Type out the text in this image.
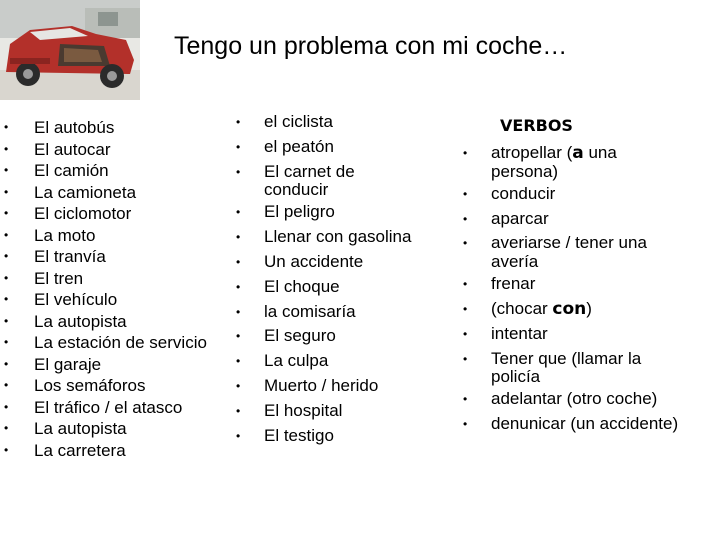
Tengo un problema con mi coche…
• El autobús
• El autocar
• El camión
• La camioneta
• El ciclomotor
• La moto
• El tranvía
• El tren
• El vehículo
• La autopista
• La estación de servicio
• El garaje
• Los semáforos
• El tráfico / el atasco
• La autopista
• La carretera
• el ciclista
• el peatón
• El carnet de
conducir
• El peligro
• Llenar con gasolina
• Un accidente
• El choque
• la comisaría
• El seguro
• La culpa
• Muerto / herido
• El hospital
• El testigo
VERBOS
• atropellar (a una
persona)
• conducir
• aparcar
• averiarse / tener una
avería
• frenar
• (chocar con)
• intentar
• Tener que (llamar la
policía
• adelantar (otro coche)
• denunicar (un accidente)
